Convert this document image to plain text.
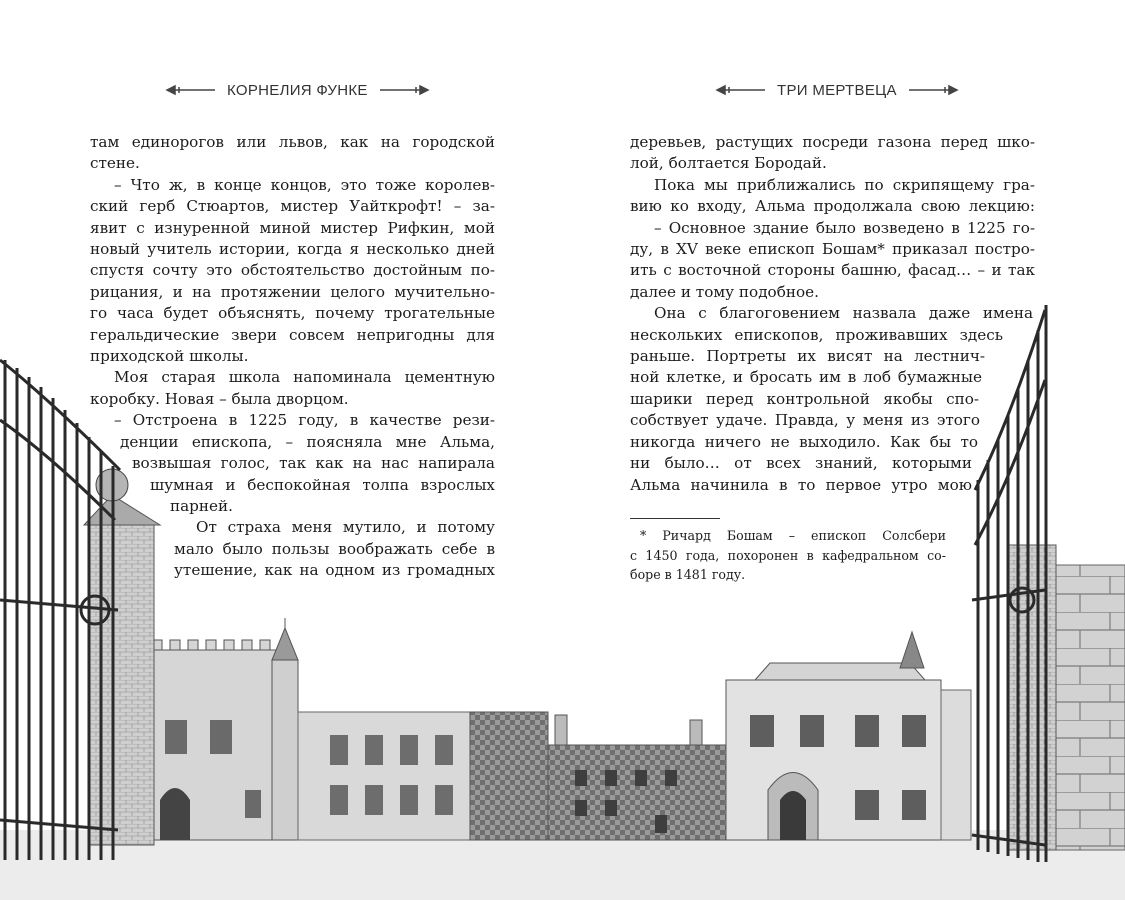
КОРНЕЛИЯ ФУНКЕ	ТРИ МЕРТВЕЦА
там единорогов или львов, как на городской
стене.
– Что ж, в конце концов, это тоже королев-
ский герб Стюартов, мистер Уайткрофт! – за-
явит с изнуренной миной мистер Рифкин, мой
новый учитель истории, когда я несколько дней
спустя сочту это обстоятельство достойным по-
рицания, и на протяжении целого мучительно-
го часа будет объяснять, почему трогательные
геральдические звери совсем непригодны для
приходской школы.
Моя старая школа напоминала цементную
коробку. Новая – была дворцом.
– Отстроена в 1225 году, в качестве рези-
денции епископа, – поясняла мне Альма,
возвышая голос, так как на нас напирала
шумная и беспокойная толпа взрослых
парней.
От страха меня мутило, и потому
мало было пользы воображать себе в
утешение, как на одном из громадных
деревьев, растущих посреди газона перед шко-
лой, болтается Бородай.
Пока мы приближались по скрипящему гра-
вию ко входу, Альма продолжала свою лекцию:
– Основное здание было возведено в 1225 го-
ду, в XV веке епископ Бошам* приказал постро-
ить с восточной стороны башню, фасад… – и так
далее и тому подобное.
Она с благоговением назвала даже имена
нескольких епископов, проживавших здесь
раньше. Портреты их висят на лестнич-
ной клетке, и бросать им в лоб бумажные
шарики перед контрольной якобы спо-
собствует удаче. Правда, у меня из этого
никогда ничего не выходило. Как бы то
ни было… от всех знаний, которыми
Альма начинила в то первое утро мою
* Ричард Бошам – епископ Солсбери
с 1450 года, похоронен в кафедральном со-
боре в 1481 году.
